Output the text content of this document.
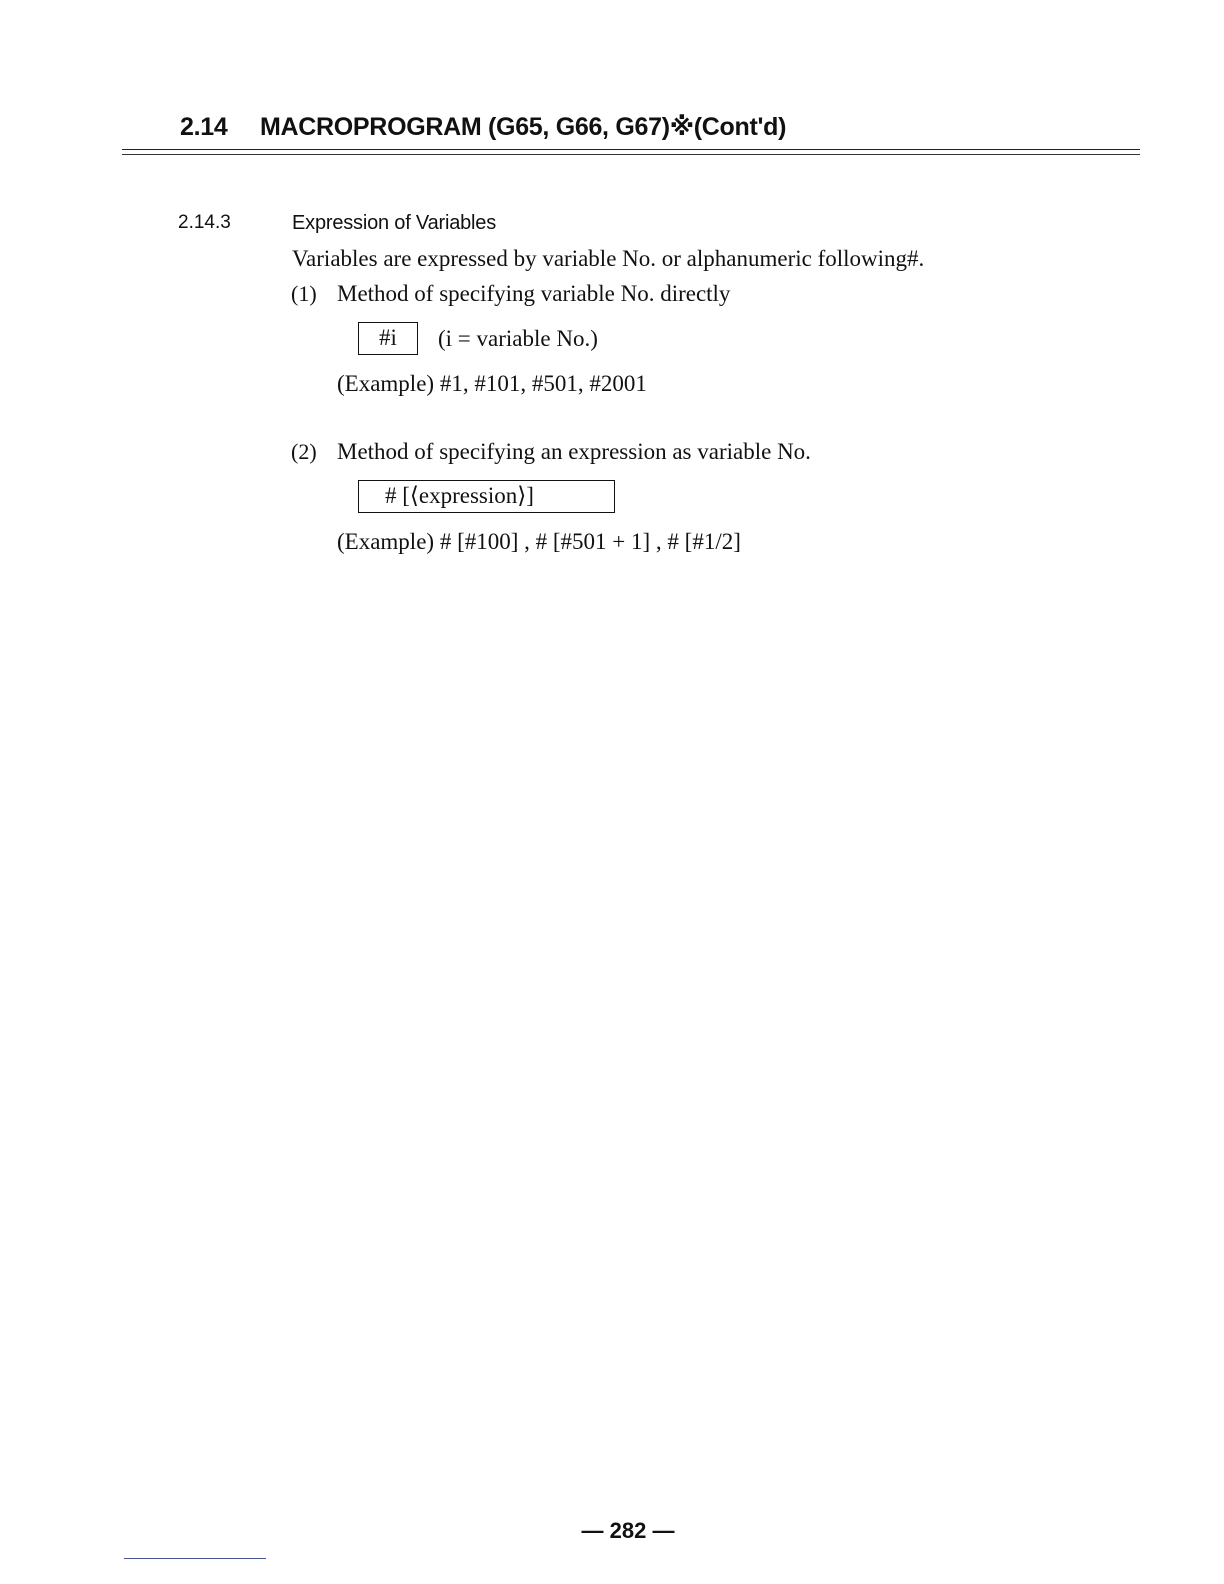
2.14 MACROPROGRAM (G65, G66, G67)※(Cont'd)
2.14.3	Expression of Variables
Variables are expressed by variable No. or alphanumeric following#.
(1) Method of specifying variable No. directly
#i	(i = variable No.)
(Example) #1, #101, #501, #2001
(2) Method of specifying an expression as variable No.
# [⟨expression⟩]
(Example) # [#100] , # [#501 + 1] , # [#1/2]
— 282 —
